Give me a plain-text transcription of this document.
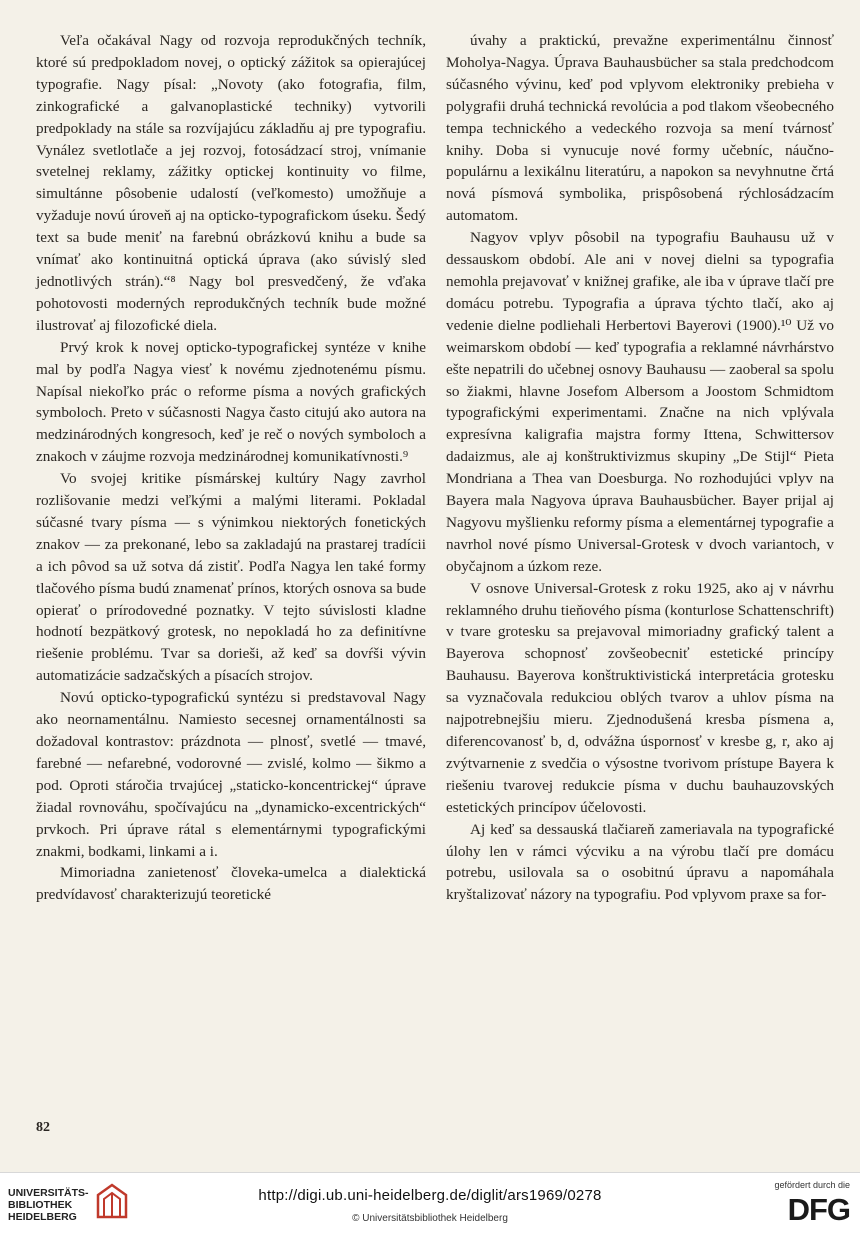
Veľa očakával Nagy od rozvoja reprodukčných techník, ktoré sú predpokladom novej, o optický zážitok sa opierajúcej typografie. Nagy písal: „Novoty (ako fotografia, film, zinkografické a galvanoplastické techniky) vytvorili predpoklady na stále sa rozvíjajúcu základňu aj pre typografiu. Vynález svetlotlače a jej rozvoj, fotosádzací stroj, vnímanie svetelnej reklamy, zážitky optickej kontinuity vo filme, simultánne pôsobenie udalostí (veľkomesto) umožňuje a vyžaduje novú úroveň aj na opticko-typografickom úseku. Šedý text sa bude meniť na farebnú obrázkovú knihu a bude sa vnímať ako kontinuitná optická úprava (ako súvislý sled jednotlivých strán).“⁸ Nagy bol presvedčený, že vďaka pohotovosti moderných reprodukčných techník bude možné ilustrovať aj filozofické diela.

Prvý krok k novej opticko-typografickej syntéze v knihe mal by podľa Nagya viesť k novému zjednotenému písmu. Napísal niekoľko prác o reforme písma a nových grafických symboloch. Preto v súčasnosti Nagya často citujú ako autora na medzinárodných kongresoch, keď je reč o nových symboloch a znakoch v záujme rozvoja medzinárodnej komunikatívnosti.⁹

Vo svojej kritike písmárskej kultúry Nagy zavrhol rozlišovanie medzi veľkými a malými literami. Pokladal súčasné tvary písma — s výnimkou niektorých fonetických znakov — za prekonané, lebo sa zakladajú na prastarej tradícii a ich pôvod sa už sotva dá zistiť. Podľa Nagya len také formy tlačového písma budú znamenať prínos, ktorých osnova sa bude opierať o prírodovedné poznatky. V tejto súvislosti kladne hodnotí bezpätkový grotesk, no nepokladá ho za definitívne riešenie problému. Tvar sa dorieši, až keď sa dovŕši vývin automatizácie sadzačských a písacích strojov.

Novú opticko-typografickú syntézu si predstavoval Nagy ako neornamentálnu. Namiesto secesnej ornamentálnosti sa dožadoval kontrastov: prázdnota — plnosť, svetlé — tmavé, farebné — nefarebné, vodorovné — zvislé, kolmo — šikmo a pod. Oproti stáročia trvajúcej „staticko-koncentrickej“ úprave žiadal rovnováhu, spočívajúcu na „dynamicko-excentrických“ prvkoch. Pri úprave rátal s elementárnymi typografickými znakmi, bodkami, linkami a i.

Mimoriadna zanietenosť človeka-umelca a dialektická predvídavosť charakterizujú teoretické

úvahy a praktickú, prevažne experimentálnu činnosť Moholya-Nagya. Úprava Bauhausbücher sa stala predchodcom súčasného vývinu, keď pod vplyvom elektroniky prebieha v polygrafii druhá technická revolúcia a pod tlakom všeobecného tempa technického a vedeckého rozvoja sa mení tvárnosť knihy. Doba si vynucuje nové formy učebníc, náučno-populárnu a lexikálnu literatúru, a napokon sa nevyhnutne črtá nová písmová symbolika, prispôsobená rýchlosádzacím automatom.

Nagyov vplyv pôsobil na typografiu Bauhausu už v dessauskom období. Ale ani v novej dielni sa typografia nemohla prejavovať v knižnej grafike, ale iba v úprave tlačí pre domácu potrebu. Typografia a úprava týchto tlačí, ako aj vedenie dielne podliehali Herbertovi Bayerovi (1900).¹⁰ Už vo weimarskom období — keď typografia a reklamné návrhárstvo ešte nepatrili do učebnej osnovy Bauhausu — zaoberal sa spolu so žiakmi, hlavne Josefom Albersom a Joostom Schmidtom typografickými experimentami. Značne na nich vplývala expresívna kaligrafia majstra formy Ittena, Schwittersov dadaizmus, ale aj konštruktivizmus skupiny „De Stijl“ Pieta Mondriana a Thea van Doesburga. No rozhodujúci vplyv na Bayera mala Nagyova úprava Bauhausbücher. Bayer prijal aj Nagyovu myšlienku reformy písma a elementárnej typografie a navrhol nové písmo Universal-Grotesk v dvoch variantoch, v obyčajnom a úzkom reze.

V osnove Universal-Grotesk z roku 1925, ako aj v návrhu reklamného druhu tieňového písma (konturlose Schattenschrift) v tvare grotesku sa prejavoval mimoriadny grafický talent a Bayerova schopnosť zovšeobecniť estetické princípy Bauhausu. Bayerova konštruktivistická interpretácia grotesku sa vyznačovala redukciou oblých tvarov a uhlov písma na najpotrebnejšiu mieru. Zjednodušená kresba písmena a, diferencovanosť b, d, odvážna úspornosť v kresbe g, r, ako aj zvýtvarnenie z svedčia o výsostne tvorivom prístupe Bayera k riešeniu tvarovej redukcie písma v duchu bauhauzovských estetických princípov účelovosti.

Aj keď sa dessauská tlačiareň zameriavala na typografické úlohy len v rámci výcviku a na výrobu tlačí pre domácu potrebu, usilovala sa o osobitnú úpravu a napomáhala kryštalizovať názory na typografiu. Pod vplyvom praxe sa for-

82
UNIVERSITÄTS-
BIBLIOTHEK
HEIDELBERG
http://digi.ub.uni-heidelberg.de/diglit/ars1969/0278
© Universitätsbibliothek Heidelberg
gefördert durch die
DFG
